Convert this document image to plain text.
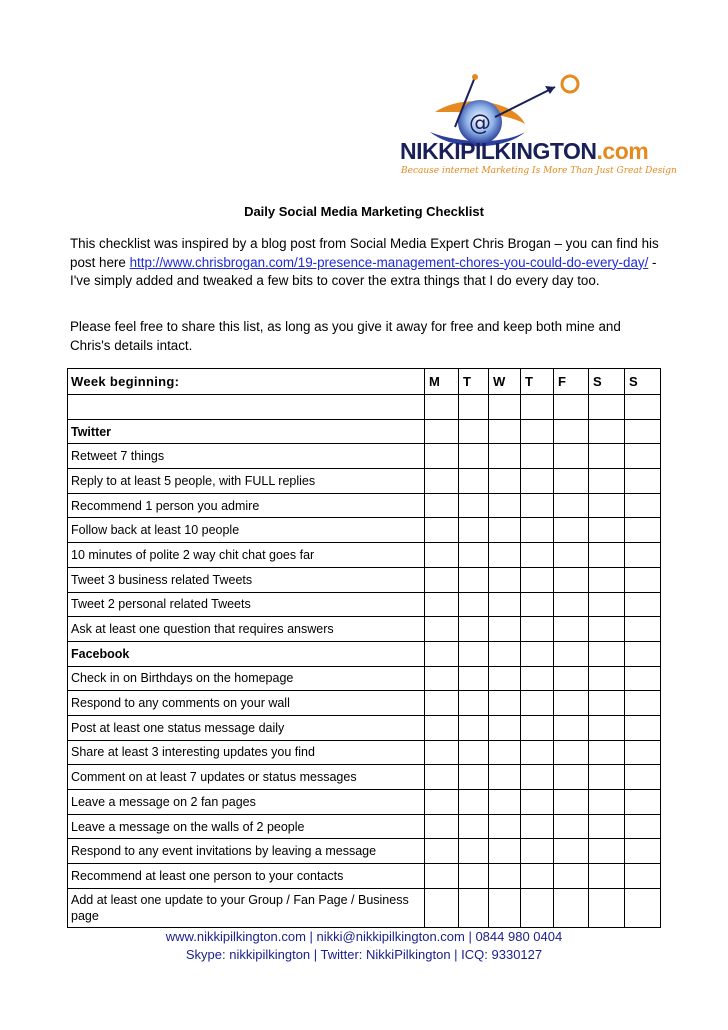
@
NIKKIPILKINGTON.com
Because internet Marketing Is More Than Just Great Design
Daily Social Media Marketing Checklist
This checklist was inspired by a blog post from Social Media Expert Chris Brogan – you can find his post here http://www.chrisbrogan.com/19-presence-management-chores-you-could-do-every-day/ - I've simply added and tweaked a few bits to cover the extra things that I do every day too.
Please feel free to share this list, as long as you give it away for free and keep both mine and Chris's details intact.
Week beginning:	M	T	W	T	F	S	S

Twitter							
Retweet 7 things							
Reply to at least 5 people, with FULL replies							
Recommend 1 person you admire							
Follow back at least 10 people							
10 minutes of polite 2 way chit chat goes far							
Tweet 3 business related Tweets							
Tweet 2 personal related Tweets							
Ask at least one question that requires answers							
Facebook							
Check in on Birthdays on the homepage							
Respond to any comments on your wall							
Post at least one status message daily							
Share at least 3 interesting updates you find							
Comment on at least 7 updates or status messages							
Leave a message on 2 fan pages							
Leave a message on the walls of 2 people							
Respond to any event invitations by leaving a message							
Recommend at least one person to your contacts							
Add at least one update to your Group / Fan Page / Business page							
www.nikkipilkington.com | nikki@nikkipilkington.com | 0844 980 0404
Skype: nikkipilkington | Twitter: NikkiPilkington | ICQ: 9330127
